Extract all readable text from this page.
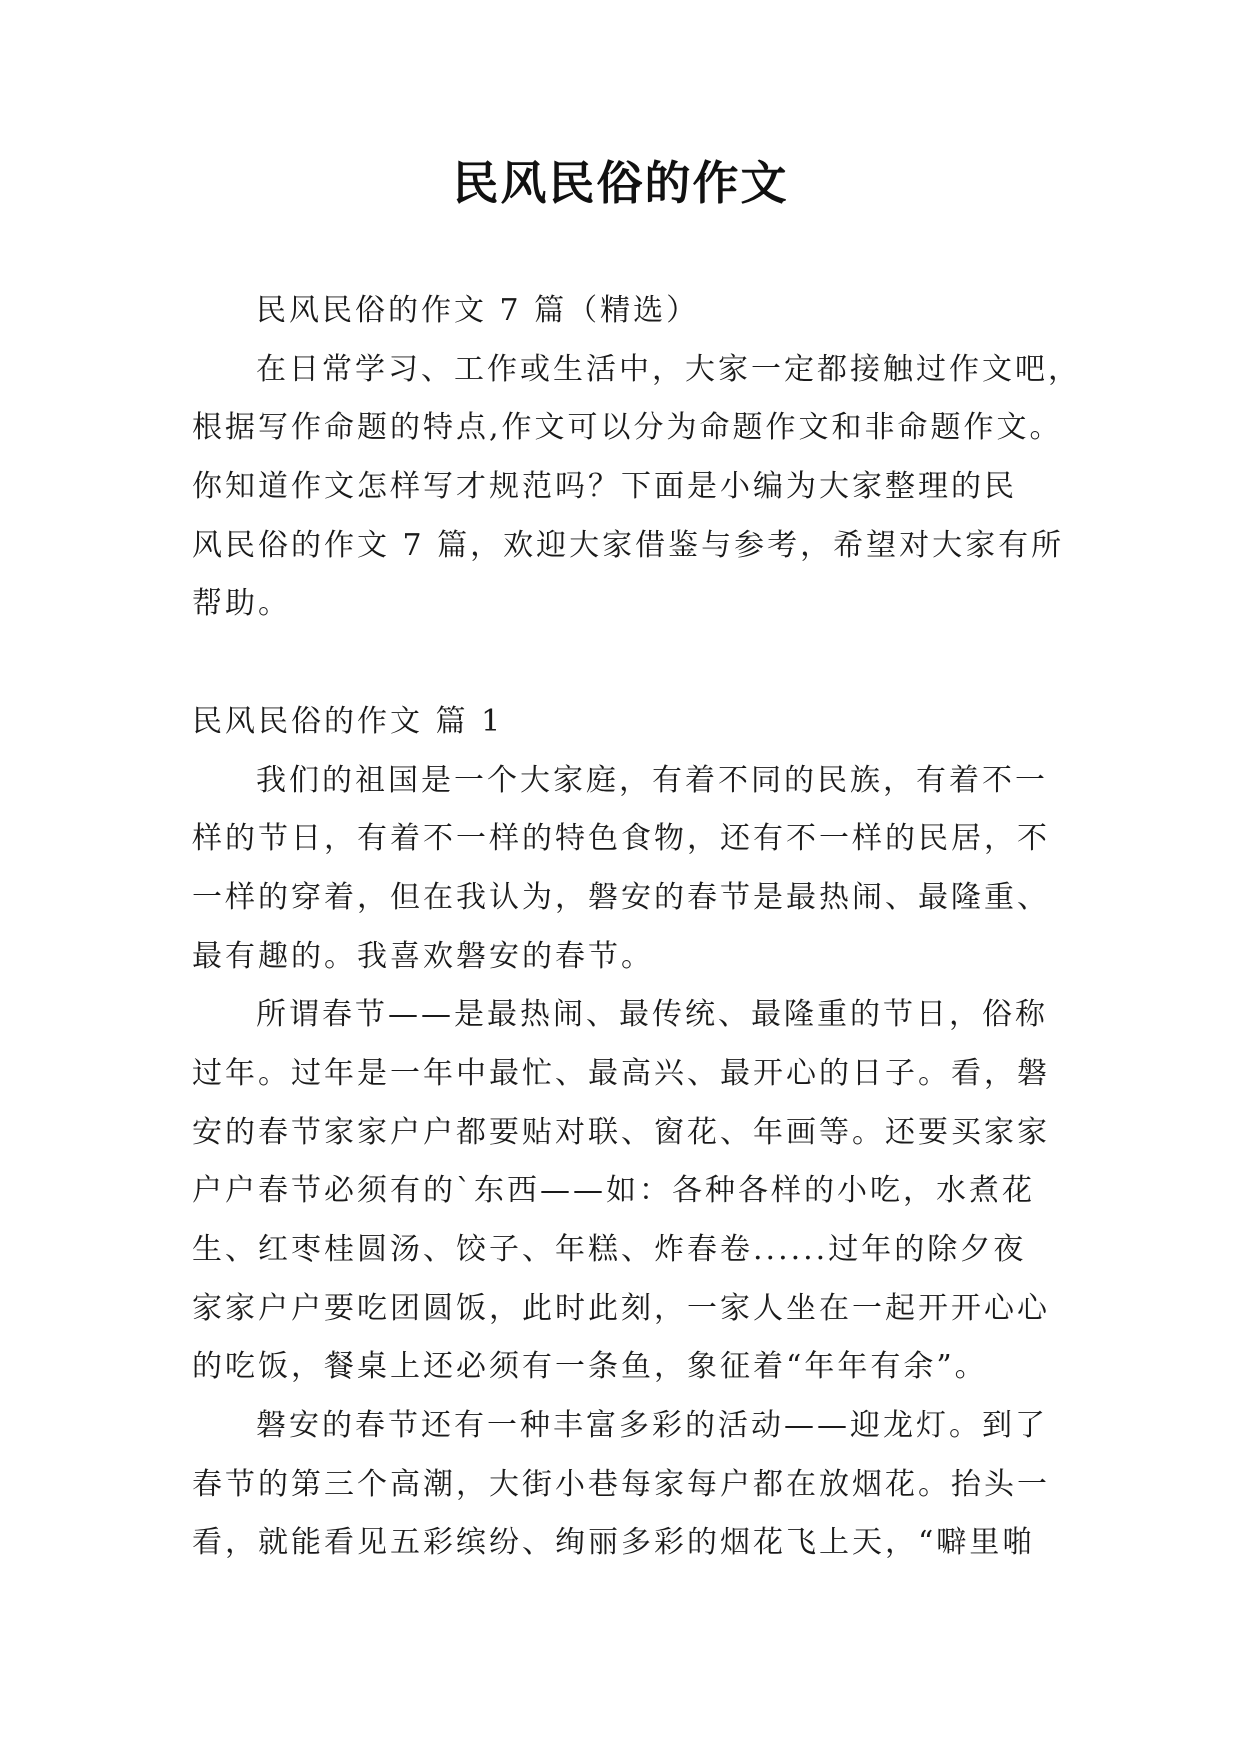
民风民俗的作文

民风民俗的作文 7 篇（精选）

在日常学习、工作或生活中，大家一定都接触过作文吧，

根据写作命题的特点,作文可以分为命题作文和非命题作文。

你知道作文怎样写才规范吗？下面是小编为大家整理的民

风民俗的作文 7 篇，欢迎大家借鉴与参考，希望对大家有所

帮助。

民风民俗的作文 篇 1

我们的祖国是一个大家庭，有着不同的民族，有着不一

样的节日，有着不一样的特色食物，还有不一样的民居，不

一样的穿着，但在我认为，磐安的春节是最热闹、最隆重、

最有趣的。我喜欢磐安的春节。

所谓春节——是最热闹、最传统、最隆重的节日，俗称

过年。过年是一年中最忙、最高兴、最开心的日子。看，磐

安的春节家家户户都要贴对联、窗花、年画等。还要买家家

户户春节必须有的`东西——如：各种各样的小吃，水煮花

生、红枣桂圆汤、饺子、年糕、炸春卷......过年的除夕夜

家家户户要吃团圆饭，此时此刻，一家人坐在一起开开心心

的吃饭，餐桌上还必须有一条鱼，象征着“年年有余”。

磐安的春节还有一种丰富多彩的活动——迎龙灯。到了

春节的第三个高潮，大街小巷每家每户都在放烟花。抬头一

看，就能看见五彩缤纷、绚丽多彩的烟花飞上天，“噼里啪
